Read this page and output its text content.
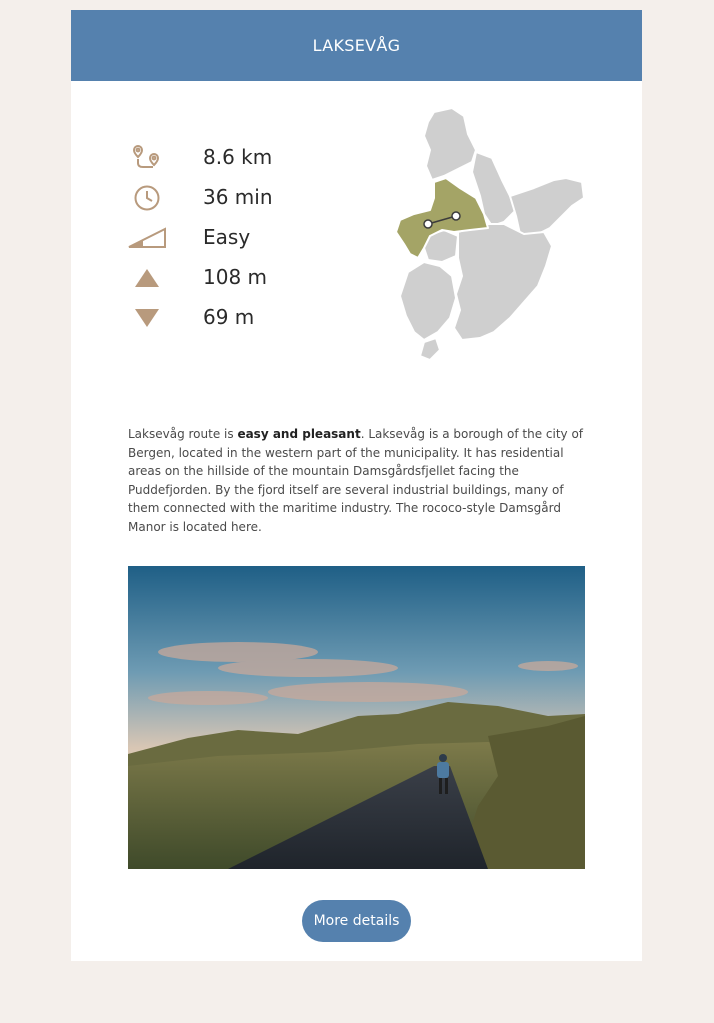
LAKSEVÅG
8.6 km
36 min
Easy
108 m
69 m

Laksevåg route is easy and pleasant. Laksevåg is a borough of the city of Bergen, located in the western part of the municipality. It has residential areas on the hillside of the mountain Damsgårdsfjellet facing the Puddefjorden. By the fjord itself are several industrial buildings, many of them connected with the maritime industry. The rococo-style Damsgård Manor is located here.

More details
